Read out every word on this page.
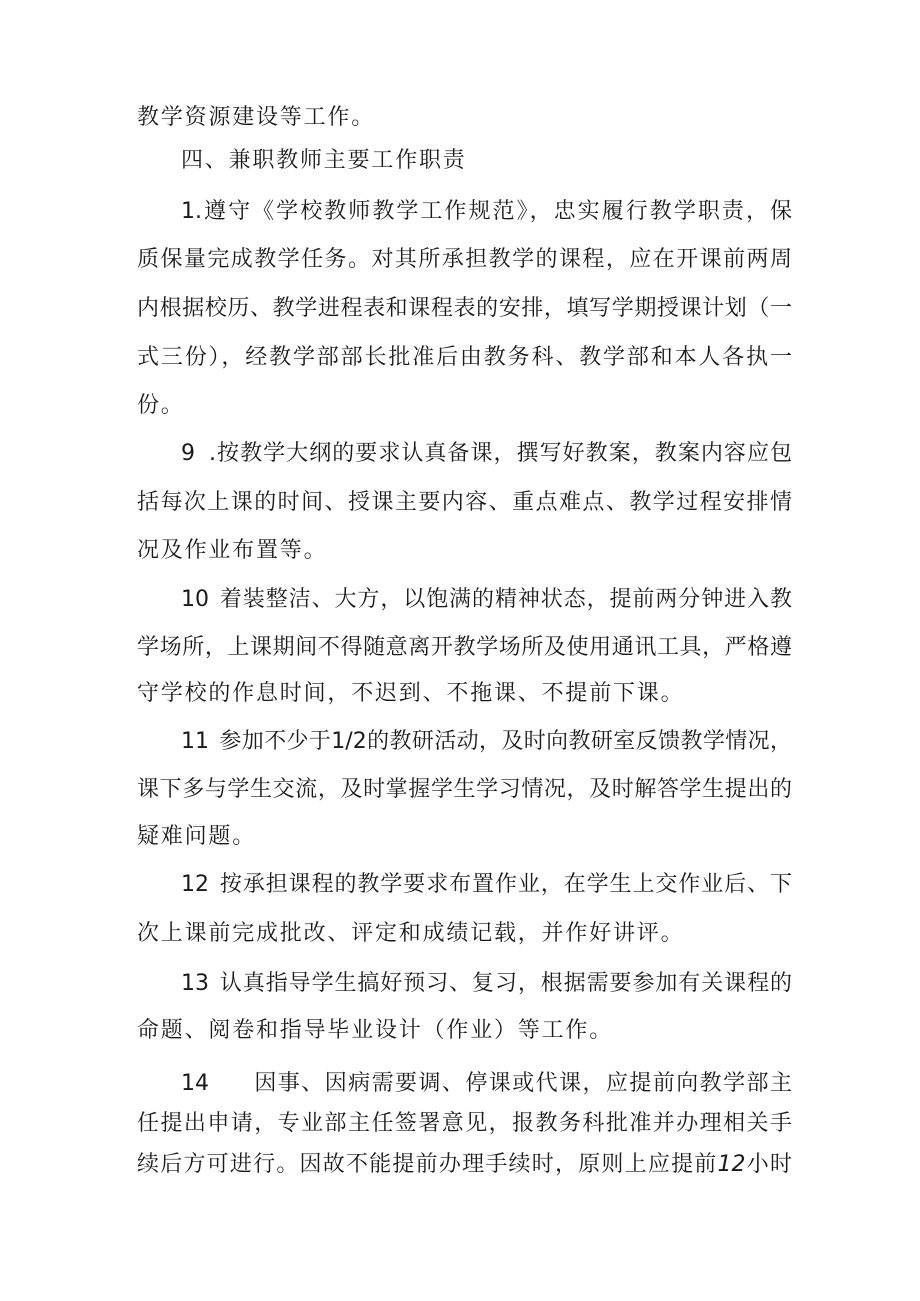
教学资源建设等工作。
四、兼职教师主要工作职责
1.遵守《学校教师教学工作规范》，忠实履行教学职责，保
质保量完成教学任务。对其所承担教学的课程，应在开课前两周
内根据校历、教学进程表和课程表的安排，填写学期授课计划（一
式三份），经教学部部长批准后由教务科、教学部和本人各执一
份。
9 .按教学大纲的要求认真备课，撰写好教案，教案内容应包
括每次上课的时间、授课主要内容、重点难点、教学过程安排情
况及作业布置等。
10 着装整洁、大方，以饱满的精神状态，提前两分钟进入教
学场所，上课期间不得随意离开教学场所及使用通讯工具，严格遵
守学校的作息时间，不迟到、不拖课、不提前下课。
11 参加不少于1/2的教研活动，及时向教研室反馈教学情况，
课下多与学生交流，及时掌握学生学习情况，及时解答学生提出的
疑难问题。
12 按承担课程的教学要求布置作业，在学生上交作业后、下
次上课前完成批改、评定和成绩记载，并作好讲评。
13 认真指导学生搞好预习、复习，根据需要参加有关课程的
命题、阅卷和指导毕业设计（作业）等工作。
14 因事、因病需要调、停课或代课，应提前向教学部主
任提出申请，专业部主任签署意见，报教务科批准并办理相关手
续后方可进行。因故不能提前办理手续时，原则上应提前12小时
